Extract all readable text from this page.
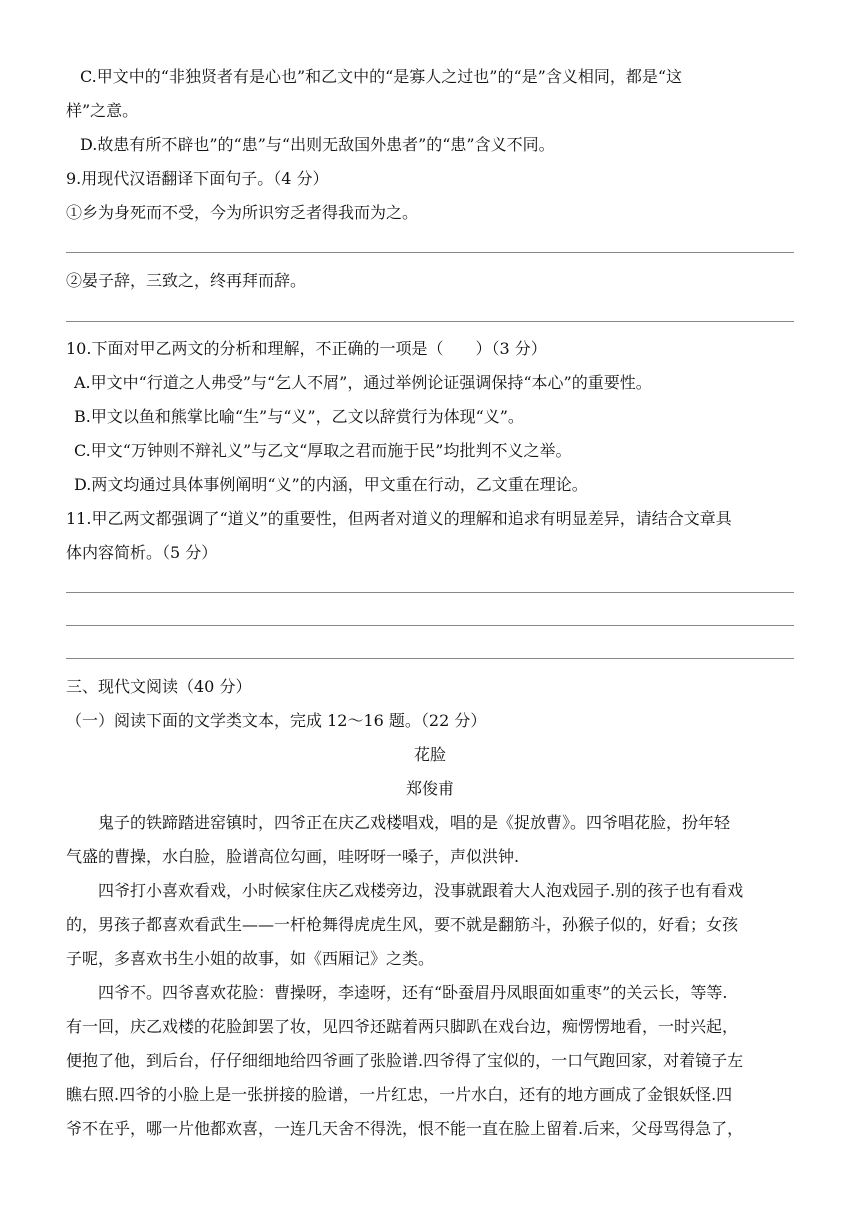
C.甲文中的“非独贤者有是心也”和乙文中的“是寡人之过也”的“是”含义相同，都是“这
样”之意。
D.故患有所不辟也”的“患”与“出则无敌国外患者”的“患”含义不同。
9.用现代汉语翻译下面句子。（4 分）
①乡为身死而不受，今为所识穷乏者得我而为之。
②晏子辞，三致之，终再拜而辞。
10.下面对甲乙两文的分析和理解，不正确的一项是（　　）（3 分）
A.甲文中“行道之人弗受”与“乞人不屑”，通过举例论证强调保持“本心”的重要性。
B.甲文以鱼和熊掌比喻“生”与“义”，乙文以辞赏行为体现“义”。
C.甲文“万钟则不辩礼义”与乙文“厚取之君而施于民”均批判不义之举。
D.两文均通过具体事例阐明“义”的内涵，甲文重在行动，乙文重在理论。
11.甲乙两文都强调了“道义”的重要性，但两者对道义的理解和追求有明显差异，请结合文章具
体内容简析。（5 分）
三、现代文阅读（40 分）
（一）阅读下面的文学类文本，完成 12～16 题。（22 分）
花脸
郑俊甫
鬼子的铁蹄踏进窑镇时，四爷正在庆乙戏楼唱戏，唱的是《捉放曹》。四爷唱花脸，扮年轻
气盛的曹操，水白脸，脸谱高位勾画，哇呀呀一嗓子，声似洪钟.
四爷打小喜欢看戏，小时候家住庆乙戏楼旁边，没事就跟着大人泡戏园子.别的孩子也有看戏
的，男孩子都喜欢看武生——一杆枪舞得虎虎生风，要不就是翻筋斗，孙猴子似的，好看；女孩
子呢，多喜欢书生小姐的故事，如《西厢记》之类。
四爷不。四爷喜欢花脸：曹操呀，李逵呀，还有“卧蚕眉丹凤眼面如重枣”的关云长，等等.
有一回，庆乙戏楼的花脸卸罢了妆，见四爷还踮着两只脚趴在戏台边，痴愣愣地看，一时兴起，
便抱了他，到后台，仔仔细细地给四爷画了张脸谱.四爷得了宝似的，一口气跑回家，对着镜子左
瞧右照.四爷的小脸上是一张拼接的脸谱，一片红忠，一片水白，还有的地方画成了金银妖怪.四
爷不在乎，哪一片他都欢喜，一连几天舍不得洗，恨不能一直在脸上留着.后来，父母骂得急了，
